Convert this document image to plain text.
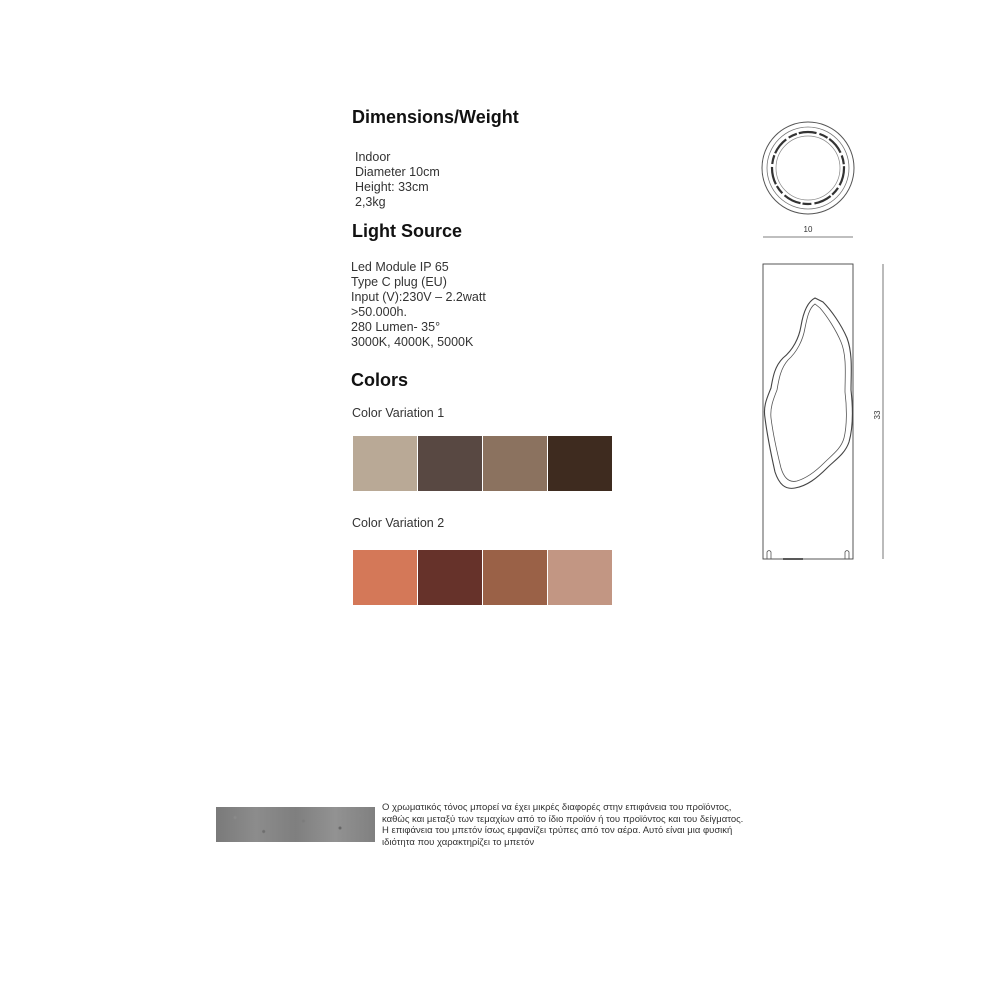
Dimensions/Weight
Indoor
Diameter 10cm
Height: 33cm
2,3kg
Light Source
Led Module IP 65
Type C plug (EU)
Input (V):230V – 2.2watt
>50.000h.
280 Lumen- 35°
3000K, 4000K, 5000K
Colors
Color Variation 1
Color Variation 2
10
33

Ο χρωματικός τόνος μπορεί να έχει μικρές διαφορές στην επιφάνεια του προϊόντος, καθώς και μεταξύ των τεμαχίων από το ίδιο προϊόν ή του προϊόντος και του δείγματος. Η επιφάνεια του μπετόν ίσως εμφανίζει τρύπες από τον αέρα. Αυτό είναι μια φυσική ιδιότητα που χαρακτηρίζει το μπετόν
